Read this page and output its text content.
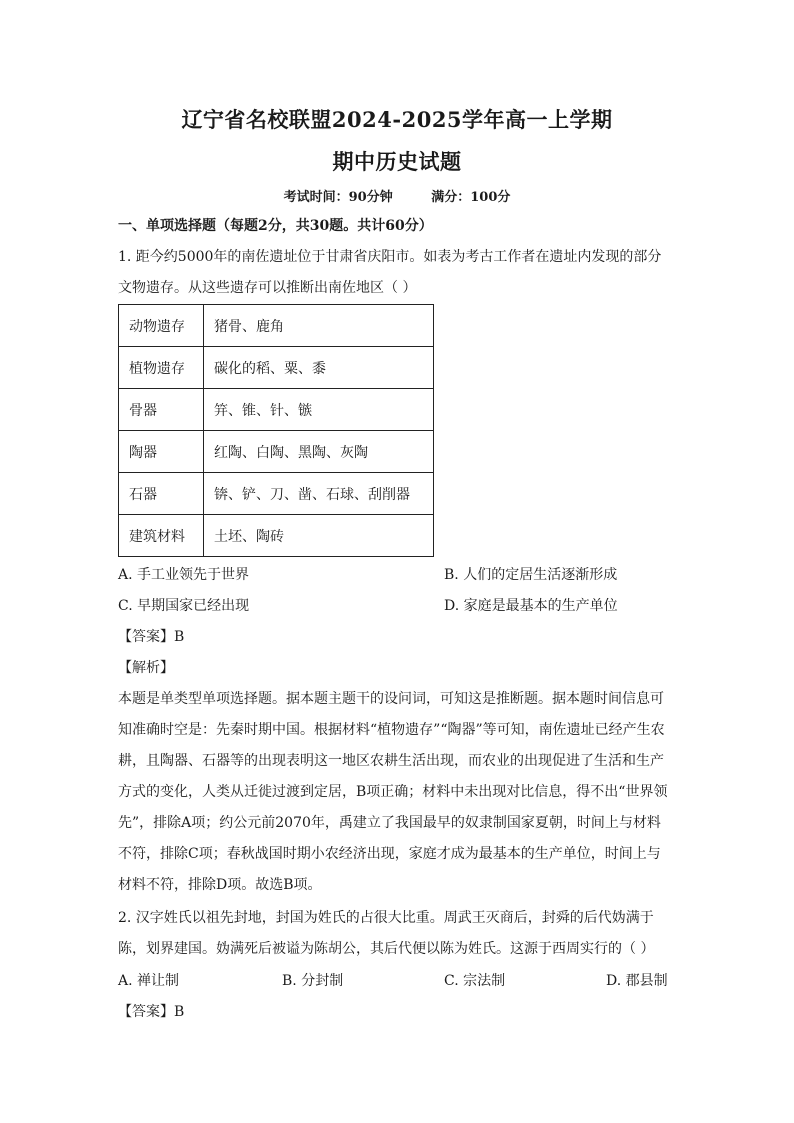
辽宁省名校联盟2024-2025学年高一上学期
期中历史试题
考试时间：90分钟	满分：100分
一、单项选择题（每题2分，共30题。共计60分）
1. 距今约5000年的南佐遗址位于甘肃省庆阳市。如表为考古工作者在遗址内发现的部分
文物遗存。从这些遗存可以推断出南佐地区（ ）
动物遗存	猪骨、鹿角
植物遗存	碳化的稻、粟、黍
骨器	笄、锥、针、镞
陶器	红陶、白陶、黑陶、灰陶
石器	锛、铲、刀、凿、石球、刮削器
建筑材料	土坯、陶砖
A. 手工业领先于世界	B. 人们的定居生活逐渐形成
C. 早期国家已经出现	D. 家庭是最基本的生产单位
【答案】B
【解析】
本题是单类型单项选择题。据本题主题干的设问词，可知这是推断题。据本题时间信息可
知准确时空是：先秦时期中国。根据材料“植物遗存”“陶器”等可知，南佐遗址已经产生农
耕，且陶器、石器等的出现表明这一地区农耕生活出现，而农业的出现促进了生活和生产
方式的变化，人类从迁徙过渡到定居，B项正确；材料中未出现对比信息，得不出“世界领
先”，排除A项；约公元前2070年，禹建立了我国最早的奴隶制国家夏朝，时间上与材料
不符，排除C项；春秋战国时期小农经济出现，家庭才成为最基本的生产单位，时间上与
材料不符，排除D项。故选B项。
2. 汉字姓氏以祖先封地，封国为姓氏的占很大比重。周武王灭商后，封舜的后代妫满于
陈，划界建国。妫满死后被谥为陈胡公，其后代便以陈为姓氏。这源于西周实行的（ ）
A. 禅让制	B. 分封制	C. 宗法制	D. 郡县制
【答案】B
